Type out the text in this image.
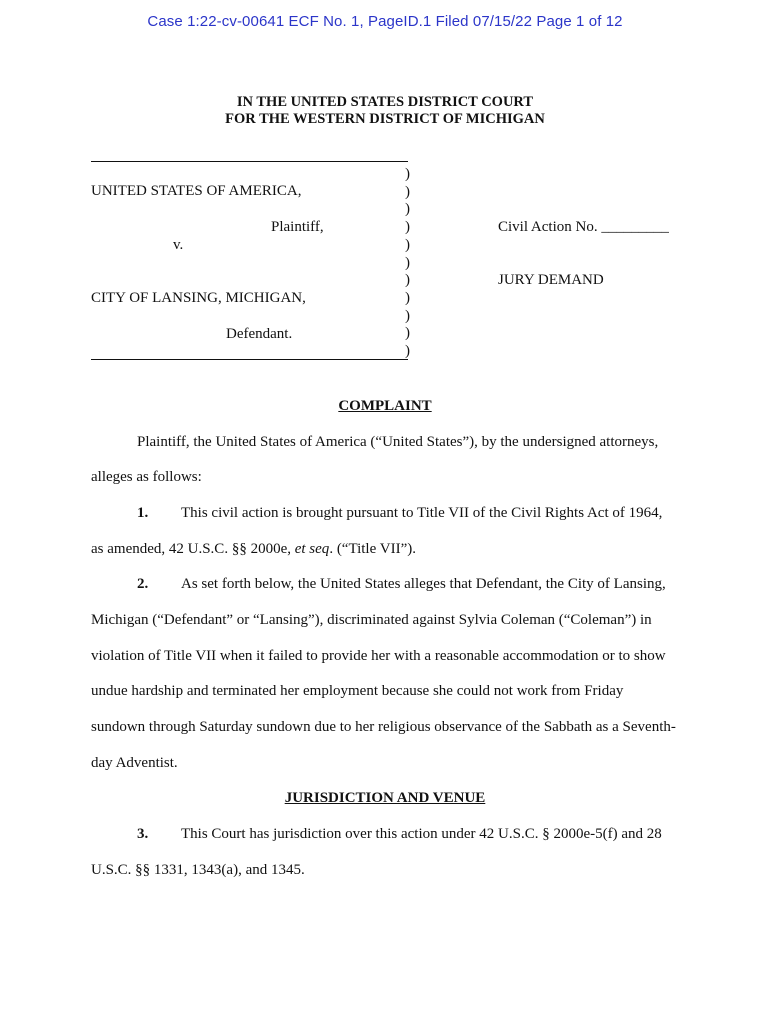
Case 1:22-cv-00641 ECF No. 1, PageID.1 Filed 07/15/22 Page 1 of 12
IN THE UNITED STATES DISTRICT COURT
FOR THE WESTERN DISTRICT OF MICHIGAN
UNITED STATES OF AMERICA,
Plaintiff,
v.
CITY OF LANSING, MICHIGAN,
Defendant.
)
)
)
)
)
)
)
)
)
)
)
Civil Action No. _________
JURY DEMAND
COMPLAINT
Plaintiff, the United States of America (“United States”), by the undersigned attorneys,
alleges as follows:
1. This civil action is brought pursuant to Title VII of the Civil Rights Act of 1964,
as amended, 42 U.S.C. §§ 2000e, et seq. (“Title VII”).
2. As set forth below, the United States alleges that Defendant, the City of Lansing,
Michigan (“Defendant” or “Lansing”), discriminated against Sylvia Coleman (“Coleman”) in
violation of Title VII when it failed to provide her with a reasonable accommodation or to show
undue hardship and terminated her employment because she could not work from Friday
sundown through Saturday sundown due to her religious observance of the Sabbath as a Seventh-
day Adventist.
JURISDICTION AND VENUE
3. This Court has jurisdiction over this action under 42 U.S.C. § 2000e-5(f) and 28
U.S.C. §§ 1331, 1343(a), and 1345.
